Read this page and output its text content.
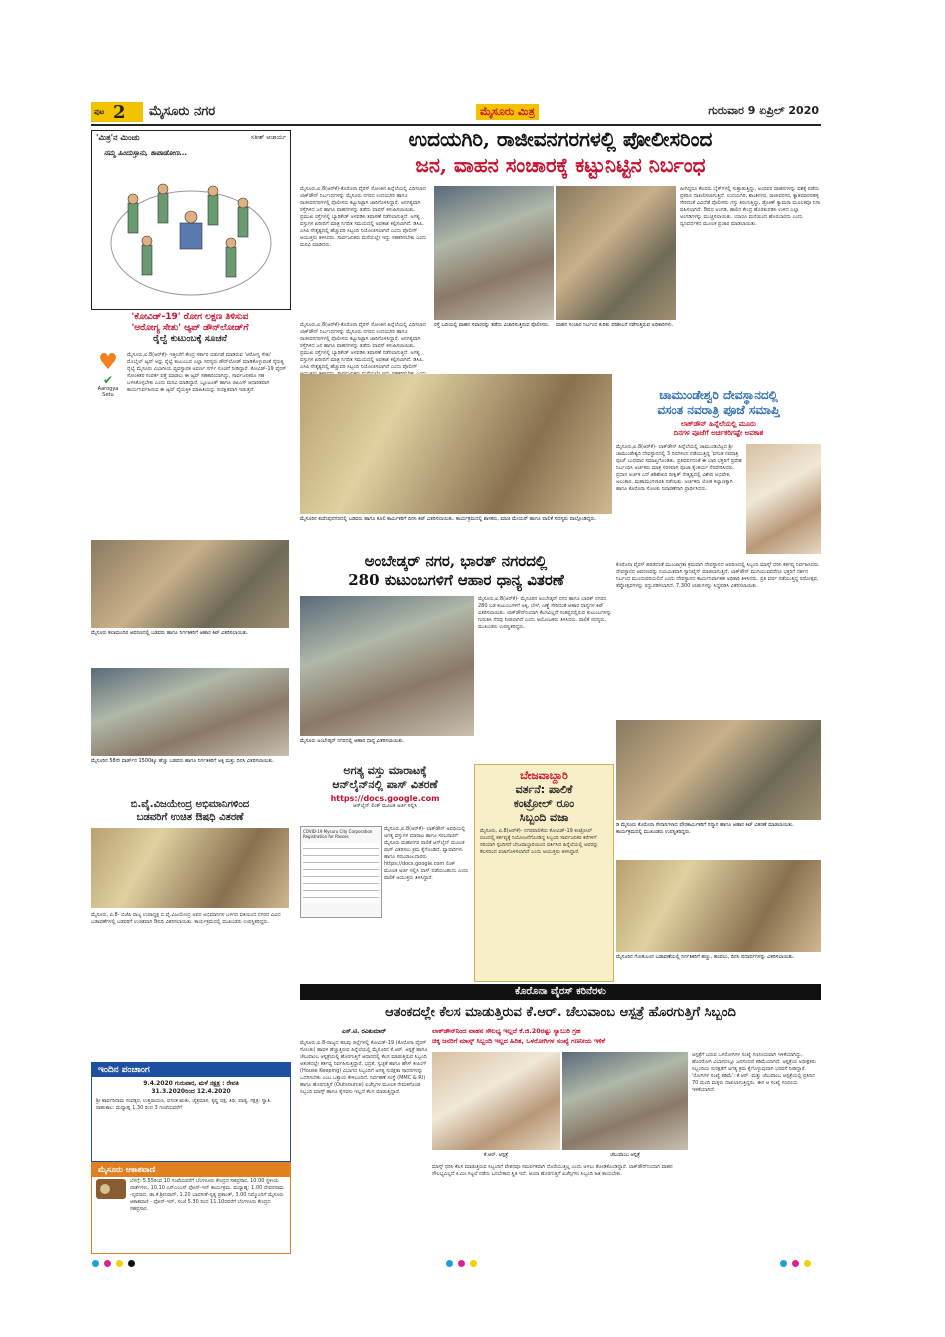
ಪುಟ 2 ಮೈಸೂರು ನಗರ	ಮೈಸೂರು ಮಿತ್ರ	ಗುರುವಾರ 9 ಏಪ್ರಿಲ್ 2020
'ಮಿತ್ರ'ನ ಮಿಂಚು	ಸತೀಶ್ ಆಚಾರ್ಯ
ನಮ್ಮ ಹಿಂದುಸ್ತಾನು, ಕಾಪಾಡೋಣ...
'ಕೋವಿಡ್-19' ರೋಗ ಲಕ್ಷಣ ತಿಳಿಸುವ
'ಆರೋಗ್ಯ ಸೇತು' ಆ್ಯಪ್ ಡೌನ್‌ಲೋಡ್‌ಗೆ
ರೈಲ್ವೆ ಕುಟುಂಬಕ್ಕೆ ಸೂಚನೆ
♥
✔
Aarogya Setu
ಮೈಸೂರು,ಏ.8(ಆರ್‌ಕೆ)- ಇತ್ತೀಚೆಗೆ ಕೇಂದ್ರ ಸರ್ಕಾರ ಬಿಡುಗಡೆ ಮಾಡಿರುವ 'ಆರೋಗ್ಯ ಸೇತು' ಮೊಬೈಲ್ ಆ್ಯಪ್ ಅನ್ನು ರೈಲ್ವೆ ಕುಟುಂಬದ ಎಲ್ಲಾ ಸದಸ್ಯರು ಡೌನ್‌ಲೋಡ್ ಮಾಡಿಕೊಳ್ಳುವಂತೆ ನೈರುತ್ಯ ರೈಲ್ವೆ ಮೈಸೂರು ವಿಭಾಗೀಯ ವ್ಯವಸ್ಥಾಪಕ ಅಪರ್ಣ ಗರ್ಗ್ ಸೂಚನೆ ನೀಡಿದ್ದಾರೆ. ಕೋವಿಡ್-19 ವೈರಸ್ ಸೋಂಕಿತರ ಸಂಪರ್ಕ ಪತ್ತೆ ಮಾಡಲು ಈ ಆ್ಯಪ್ ಸಹಕಾರಿಯಾಗಿದ್ದು, ಸಾರ್ವಜನಿಕರೂ ಸಹ ಬಳಸಿಕೊಳ್ಳಬೇಕು ಎಂದು ಮನವಿ ಮಾಡಿದ್ದಾರೆ. ಬ್ಲೂಟೂತ್ ಹಾಗೂ ಜಿಪಿಎಸ್ ಆಧಾರಿತವಾಗಿ ಕಾರ್ಯನಿರ್ವಹಿಸುವ ಈ ಆ್ಯಪ್ ವೈಯಕ್ತಿಕ ಮಾಹಿತಿಯನ್ನು ಸುರಕ್ಷಿತವಾಗಿ ಇಡುತ್ತದೆ.
ಮೈಸೂರು ಕಲಾಮಂದಿರ ಆವರಣದಲ್ಲಿ ಬಡವರು ಹಾಗೂ ನಿರ್ಗತಿಕರಿಗೆ ಆಹಾರ ಕಿಟ್ ವಿತರಿಸಲಾಯಿತು.
ಮೈಸೂರಿನ 58ನೇ ವಾರ್ಡ್‌ನ 1500ಕ್ಕೂ ಹೆಚ್ಚು ಬಡವರು ಹಾಗೂ ನಿರ್ಗತಿಕರಿಗೆ ಅಕ್ಕಿ ಮತ್ತು ದಿನಸಿ ವಿತರಿಸಲಾಯಿತು.
ಬಿ.ವೈ.ವಿಜಯೇಂದ್ರ ಅಭಿಮಾನಿಗಳಿಂದ
ಬಡವರಿಗೆ ಉಚಿತ ಔಷಧಿ ವಿತರಣೆ
ಮೈಸೂರು, ಏ.8- ಬಿಜೆಪಿ ರಾಜ್ಯ ಉಪಾಧ್ಯಕ್ಷ ಬಿ.ವೈ.ವಿಜಯೇಂದ್ರ ಅವರ ಅಭಿಮಾನಿಗಳ ಬಳಗದ ವತಿಯಿಂದ ನಗರದ ವಿವಿಧ ಬಡಾವಣೆಗಳಲ್ಲಿ ಬಡವರಿಗೆ ಉಚಿತವಾಗಿ ಔಷಧಿ ವಿತರಿಸಲಾಯಿತು. ಕಾರ್ಯಕ್ರಮದಲ್ಲಿ ಮುಖಂಡರು ಉಪಸ್ಥಿತರಿದ್ದರು.
ಇಂದಿನ ಪಂಚಾಂಗ
9.4.2020 ಗುರುವಾರ, ಮಳೆ ನಕ್ಷತ್ರ : ರೇವತಿ
31.3.2020ರಿಂದ 12.4.2020
ಶ್ರೀ ಶಾರ್ವರಿನಾಮ ಸಂವತ್ಸರ, ಉತ್ತರಾಯಣ, ವಸಂತ ಋತು, ಚೈತ್ರಮಾಸ, ಕೃಷ್ಣ ಪಕ್ಷ, ತಿಥಿ: ಪಾಡ್ಯ, ನಕ್ಷತ್ರ: ಸ್ವಾತಿ. ರಾಹುಕಾಲ: ಮಧ್ಯಾಹ್ನ 1.30 ರಿಂದ 3 ಗಂಟೆಯವರೆಗೆ
ಮೈಸೂರು ಆಕಾಶವಾಣಿ
ಬೆಳಗ್ಗೆ: 5.55ರಿಂದ 10 ಗಂಟೆಯವರೆಗೆ ಬೆಂಗಳೂರು ಕೇಂದ್ರದ ಸಹಪ್ರಸಾರ, 10.00 ಸ್ಥಳೀಯ ವಾರ್ತೆಗಳು, 10.10 ಎಸ್‌ಎಂಎಸ್ ಫೋನ್-ಇನ್ ಕಾರ್ಯಕ್ರಮ. ಮಧ್ಯಾಹ್ನ: 1.00 ದೇವರನಾಮ -ನೃಪನಾದ, ಡಾ.ಕೆ.ಶ್ರೀನಿವಾಸ್, 1.20 ಭಾವಗೀತೆ-ನೃತ್ಯ ಪ್ರಶಾಂತ್, 3.00 ನಿಮ್ಮೊಂದಿಗೆ ಮೈಸೂರು ಆಕಾಶವಾಣಿ - ಫೋನ್-ಇನ್, ಸಂಜೆ 5.30 ರಿಂದ 11.10ರವರೆಗೆ ಬೆಂಗಳೂರು ಕೇಂದ್ರದ ಸಹಪ್ರಸಾರ.
ಉದಯಗಿರಿ, ರಾಜೀವನಗರಗಳಲ್ಲಿ ಪೋಲೀಸರಿಂದ
ಜನ, ವಾಹನ ಸಂಚಾರಕ್ಕೆ ಕಟ್ಟುನಿಟ್ಟಿನ ನಿರ್ಬಂಧ
ಮೈಸೂರು,ಏ.8(ಆರ್‌ಕೆ)-ಕೊರೊನಾ ವೈರಸ್ ಸೋಂಕಿನ ಹಿನ್ನೆಲೆಯಲ್ಲಿ ವಿಧಿಸಲಾದ ಲಾಕ್‌ಡೌನ್ ನಿರ್ಬಂಧಗಳನ್ನು ಮೈಸೂರು ನಗರದ ಉದಯಗಿರಿ ಹಾಗೂ ರಾಜೀವನಗರಗಳಲ್ಲಿ ಪೊಲೀಸರು ಕಟ್ಟುನಿಟ್ಟಾಗಿ ಜಾರಿಗೊಳಿಸಿದ್ದಾರೆ. ಅನಗತ್ಯವಾಗಿ ರಸ್ತೆಗಿಳಿದ ಜನ ಹಾಗೂ ವಾಹನಗಳನ್ನು ತಡೆದು ವಾಪಸ್ ಕಳುಹಿಸಲಾಯಿತು. ಪ್ರಮುಖ ರಸ್ತೆಗಳಲ್ಲಿ ಬ್ಯಾರಿಕೇಡ್ ಅಳವಡಿಸಿ ತಪಾಸಣೆ ನಡೆಸಲಾಗುತ್ತಿದೆ. ಅಗತ್ಯ ವಸ್ತುಗಳ ಖರೀದಿಗೆ ಮಾತ್ರ ನಿಗದಿತ ಸಮಯದಲ್ಲಿ ಅವಕಾಶ ಕಲ್ಪಿಸಲಾಗಿದೆ. ಡಿಸಿಪಿ, ಎಸಿಪಿ ನೇತೃತ್ವದಲ್ಲಿ ಹೆಚ್ಚುವರಿ ಸಿಬ್ಬಂದಿ ನಿಯೋಜಿಸಲಾಗಿದೆ ಎಂದು ಪೊಲೀಸ್ ಆಯುಕ್ತರು ತಿಳಿಸಿದರು. ಸಾರ್ವಜನಿಕರು ಮನೆಯಲ್ಲೇ ಇದ್ದು ಸಹಕರಿಸಬೇಕು ಎಂದು ಮನವಿ ಮಾಡಿದರು.
ಹೀಗಿದ್ದರೂ ಕೆಲವರು ಬೈಕ್‌ಗಳಲ್ಲಿ ಸುತ್ತಾಡುತ್ತಿದ್ದು, ಅಂಥವರ ವಾಹನಗಳನ್ನು ವಶಕ್ಕೆ ಪಡೆದು ಪ್ರಕರಣ ದಾಖಲಿಸಲಾಗುತ್ತಿದೆ. ಉದಯಗಿರಿ, ಶಾಂತಿನಗರ, ರಾಜೀವನಗರ, ಕ್ಯಾತಮಾರನಹಳ್ಳಿ ಸೇರಿದಂತೆ ವಿವಿಧೆಡೆ ಪೊಲೀಸರು ಗಸ್ತು ತಿರುಗುತ್ತಿದ್ದು, ಡ್ರೋಣ್ ಕ್ಯಾಮರಾ ಮೂಲಕವೂ ನಿಗಾ ವಹಿಸಲಾಗಿದೆ. ಔಷಧ ಅಂಗಡಿ, ಹಾಲಿನ ಕೇಂದ್ರ ಹೊರತುಪಡಿಸಿ ಉಳಿದ ಎಲ್ಲಾ ಅಂಗಡಿಗಳನ್ನು ಮುಚ್ಚಿಸಲಾಯಿತು. ಯಾರೂ ಮನೆಯಿಂದ ಹೊರಬಾರದು ಎಂದು ಧ್ವನಿವರ್ಧಕದ ಮೂಲಕ ಪ್ರಚಾರ ಮಾಡಲಾಯಿತು.
ಮೈಸೂರು,ಏ.8(ಆರ್‌ಕೆ)-ಕೊರೊನಾ ವೈರಸ್ ಸೋಂಕಿನ ಹಿನ್ನೆಲೆಯಲ್ಲಿ ವಿಧಿಸಲಾದ ಲಾಕ್‌ಡೌನ್ ನಿರ್ಬಂಧಗಳನ್ನು ಮೈಸೂರು ನಗರದ ಉದಯಗಿರಿ ಹಾಗೂ ರಾಜೀವನಗರಗಳಲ್ಲಿ ಪೊಲೀಸರು ಕಟ್ಟುನಿಟ್ಟಾಗಿ ಜಾರಿಗೊಳಿಸಿದ್ದಾರೆ. ಅನಗತ್ಯವಾಗಿ ರಸ್ತೆಗಿಳಿದ ಜನ ಹಾಗೂ ವಾಹನಗಳನ್ನು ತಡೆದು ವಾಪಸ್ ಕಳುಹಿಸಲಾಯಿತು. ಪ್ರಮುಖ ರಸ್ತೆಗಳಲ್ಲಿ ಬ್ಯಾರಿಕೇಡ್ ಅಳವಡಿಸಿ ತಪಾಸಣೆ ನಡೆಸಲಾಗುತ್ತಿದೆ. ಅಗತ್ಯ ವಸ್ತುಗಳ ಖರೀದಿಗೆ ಮಾತ್ರ ನಿಗದಿತ ಸಮಯದಲ್ಲಿ ಅವಕಾಶ ಕಲ್ಪಿಸಲಾಗಿದೆ. ಡಿಸಿಪಿ, ಎಸಿಪಿ ನೇತೃತ್ವದಲ್ಲಿ ಹೆಚ್ಚುವರಿ ಸಿಬ್ಬಂದಿ ನಿಯೋಜಿಸಲಾಗಿದೆ ಎಂದು ಪೊಲೀಸ್
ರಸ್ತೆ ಬದಿಯಲ್ಲಿ ವಾಹನ ಸವಾರರನ್ನು ತಡೆದು ವಿಚಾರಿಸುತ್ತಿರುವ ಪೊಲೀಸರು.	ವಾಹನ ಸಂಚಾರ ನಿರ್ಬಂಧ ಕುರಿತು ಪರಿಶೀಲನೆ ನಡೆಸುತ್ತಿರುವ ಅಧಿಕಾರಿಗಳು.
ಮೈಸೂರಿನ ಕುವೆಂಪುನಗರದಲ್ಲಿ ಬಡವರು ಹಾಗೂ ಕೂಲಿ ಕಾರ್ಮಿಕರಿಗೆ ದಿನಸಿ ಕಿಟ್ ವಿತರಿಸಲಾಯಿತು. ಕಾರ್ಯಕ್ರಮದಲ್ಲಿ ಶಾಸಕರು, ಮಾಜಿ ಮೇಯರ್ ಹಾಗೂ ಪಾಲಿಕೆ ಸದಸ್ಯರು ಪಾಲ್ಗೊಂಡಿದ್ದರು.
ಚಾಮುಂಡೇಶ್ವರಿ ದೇವಸ್ಥಾನದಲ್ಲಿ
ವಸಂತ ನವರಾತ್ರಿ ಪೂಜೆ ಸಮಾಪ್ತಿ
ಲಾಕ್‌ಡೌನ್ ಹಿನ್ನೆಲೆಯಲ್ಲಿ ಮೂರು
ದಿನಗಳ ಪೂಜೆಗೆ ಅರ್ಚಕರಿಗಷ್ಟೇ ಅವಕಾಶ
ಮೈಸೂರು,ಏ.8(ಆರ್‌ಕೆ)- ಲಾಕ್‌ಡೌನ್ ಹಿನ್ನೆಲೆಯಲ್ಲಿ ಚಾಮುಂಡಿಬೆಟ್ಟದ ಶ್ರೀ ಚಾಮುಂಡೇಶ್ವರಿ ದೇವಸ್ಥಾನದಲ್ಲಿ 3 ದಿನಗಳಿಂದ ನಡೆಯುತ್ತಿದ್ದ 'ವಸಂತ ನವರಾತ್ರಿ ಪೂಜೆ' ಬುಧವಾರ ಸಮಾಪ್ತಿಗೊಂಡಿತು. ಪ್ರತಿವರ್ಷದಂತೆ ಈ ಬಾರಿ ಭಕ್ತರಿಗೆ ಪ್ರವೇಶ ನಿರ್ಬಂಧಿಸಿ ಅರ್ಚಕರು ಮಾತ್ರ ಸರಳವಾಗಿ ಪೂಜಾ ಕೈಂಕರ್ಯ ನೆರವೇರಿಸಿದರು. ಪ್ರಧಾನ ಅರ್ಚಕ ಎನ್.ಶಶಿಶೇಖರ ದೀಕ್ಷಿತ್ ನೇತೃತ್ವದಲ್ಲಿ ವಿಶೇಷ ಅಭಿಷೇಕ, ಅಲಂಕಾರ, ಮಹಾಮಂಗಳಾರತಿ ನಡೆಯಿತು. ಅರ್ಚಕರು ಲೋಕ ಕಲ್ಯಾಣಕ್ಕಾಗಿ ಹಾಗೂ ಕೊರೊನಾ ಸೋಂಕು ನಿವಾರಣೆಗಾಗಿ ಪ್ರಾರ್ಥಿಸಿದರು.
ಕೊರೊನಾ ವೈರಸ್ ಹರಡದಂತೆ ಮುಂಜಾಗ್ರತಾ ಕ್ರಮವಾಗಿ ದೇವಸ್ಥಾನದ ಆವರಣದಲ್ಲಿ ಸಿಬ್ಬಂದಿ ಮಾಸ್ಕ್ ಧರಿಸಿ ಕರ್ತವ್ಯ ನಿರ್ವಹಿಸಿದರು. ದೇವಸ್ಥಾನದ ಆವರಣವನ್ನು ನಿಯಮಿತವಾಗಿ ಸ್ಯಾನಿಟೈಸ್ ಮಾಡಲಾಗುತ್ತಿದೆ. ಲಾಕ್‌ಡೌನ್ ಮುಗಿಯುವವರೆಗೂ ಭಕ್ತರಿಗೆ ದರ್ಶನ ನಿರ್ಬಂಧ ಮುಂದುವರಿಯಲಿದೆ ಎಂದು ದೇವಸ್ಥಾನದ ಕಾರ್ಯನಿರ್ವಾಹಕ ಅಧಿಕಾರಿ ತಿಳಿಸಿದರು. ಪ್ರತಿ ವರ್ಷ ನಡೆಯುತ್ತಿದ್ದ ರಥೋತ್ಸವ, ತೆಪ್ಪೋತ್ಸವಗಳನ್ನು ರದ್ದುಪಡಿಸಲಾಗಿದೆ. 7,300 ಲಾಡುಗಳನ್ನು ಸಿದ್ಧಪಡಿಸಿ ವಿತರಿಸಲಾಯಿತು.
ಅಂಬೇಡ್ಕರ್ ನಗರ, ಭಾರತ್ ನಗರದಲ್ಲಿ
280 ಕುಟುಂಬಗಳಿಗೆ ಆಹಾರ ಧಾನ್ಯ ವಿತರಣೆ
ಮೈಸೂರು,ಏ.8(ಆರ್‌ಕೆ)- ಮೈಸೂರಿನ ಅಂಬೇಡ್ಕರ್ ನಗರ ಹಾಗೂ ಭಾರತ್ ನಗರದ 280 ಬಡ ಕುಟುಂಬಗಳಿಗೆ ಅಕ್ಕಿ, ಬೇಳೆ, ಎಣ್ಣೆ ಸೇರಿದಂತೆ ಆಹಾರ ಧಾನ್ಯಗಳ ಕಿಟ್ ವಿತರಿಸಲಾಯಿತು. ಲಾಕ್‌ಡೌನ್‌ನಿಂದಾಗಿ ಕೆಲಸವಿಲ್ಲದೆ ಸಂಕಷ್ಟದಲ್ಲಿರುವ ಕುಟುಂಬಗಳನ್ನು ಗುರುತಿಸಿ ನೆರವು ನೀಡಲಾಗಿದೆ ಎಂದು ಆಯೋಜಕರು ತಿಳಿಸಿದರು. ಪಾಲಿಕೆ ಸದಸ್ಯರು, ಮುಖಂಡರು ಉಪಸ್ಥಿತರಿದ್ದರು.
ಮೈಸೂರು ಅಂಬೇಡ್ಕರ್ ನಗರದಲ್ಲಿ ಆಹಾರ ಧಾನ್ಯ ವಿತರಿಸಲಾಯಿತು.
ಅಗತ್ಯ ವಸ್ತು ಮಾರಾಟಕ್ಕೆ
ಆನ್‌ಲೈನ್‌ನಲ್ಲಿ ಪಾಸ್ ವಿತರಣೆ
https://docs.google.com
ಆನ್‌ಲೈನ್ ಲಿಂಕ್ ಮೂಲಕ ಅರ್ಜಿ ಸಲ್ಲಿಸಿ
COVID-19 Mysuru City Corporation Registration for Passes
ಮೈಸೂರು,ಏ.8(ಆರ್‌ಕೆ)- ಲಾಕ್‌ಡೌನ್ ಅವಧಿಯಲ್ಲಿ ಅಗತ್ಯ ವಸ್ತುಗಳ ಮಾರಾಟ ಹಾಗೂ ಸರಬರಾಜಿಗೆ ಮೈಸೂರು ಮಹಾನಗರ ಪಾಲಿಕೆ ಆನ್‌ಲೈನ್ ಮೂಲಕ ಪಾಸ್ ವಿತರಿಸಲು ಕ್ರಮ ಕೈಗೊಂಡಿದೆ. ವ್ಯಾಪಾರಿಗಳು ಹಾಗೂ ಸರಬರಾಜುದಾರರು https://docs.google.com ಲಿಂಕ್ ಮೂಲಕ ಅರ್ಜಿ ಸಲ್ಲಿಸಿ ಪಾಸ್ ಪಡೆಯಬಹುದು ಎಂದು ಪಾಲಿಕೆ ಆಯುಕ್ತರು ತಿಳಿಸಿದ್ದಾರೆ.
ಬೇಜವಾಬ್ದಾರಿ
ವರ್ತನೆ: ಪಾಲಿಕೆ
ಕಂಟ್ರೋಲ್ ರೂಂ
ಸಿಬ್ಬಂದಿ ವಜಾ
ಮೈಸೂರು, ಏ.8(ಆರ್‌ಕೆ)- ನಗರಪಾಲಿಕೆಯ ಕೋವಿಡ್-19 ಕಂಟ್ರೋಲ್ ರೂಂನಲ್ಲಿ ಕರ್ತವ್ಯಕ್ಕೆ ನಿಯೋಜನೆಗೊಂಡಿದ್ದ ಸಿಬ್ಬಂದಿ ಸಾರ್ವಜನಿಕರ ಕರೆಗಳಿಗೆ ಸರಿಯಾಗಿ ಸ್ಪಂದಿಸದೆ ಬೇಜವಾಬ್ದಾರಿಯಿಂದ ವರ್ತಿಸಿದ ಹಿನ್ನೆಲೆಯಲ್ಲಿ ಅವರನ್ನು ಕೆಲಸದಿಂದ ವಜಾಗೊಳಿಸಲಾಗಿದೆ ಎಂದು ಆಯುಕ್ತರು ತಿಳಿಸಿದ್ದಾರೆ.
ಡಿ ಮೈಸೂರು ಕೊರೊನಾ ಸೇನಾನಿಗಳಾದ ಪೌರಕಾರ್ಮಿಕರಿಗೆ ಸನ್ಮಾನ ಹಾಗೂ ಆಹಾರ ಕಿಟ್ ವಿತರಣೆ ಮಾಡಲಾಯಿತು. ಕಾರ್ಯಕ್ರಮದಲ್ಲಿ ಮುಖಂಡರು ಉಪಸ್ಥಿತರಿದ್ದರು.
ಮೈಸೂರಿನ ಗೋಕುಲಂನ ಬಡಾವಣೆಯಲ್ಲಿ ನಿರ್ಗತಿಕರಿಗೆ ಹಣ್ಣು, ಹಂಪಲು, ದಿನಸಿ ಪದಾರ್ಥಗಳನ್ನು ವಿತರಿಸಲಾಯಿತು.
ಕೊರೊನಾ ವೈರಸ್ ಕರಿನೆರಳು
ಆತಂಕದಲ್ಲೇ ಕೆಲಸ ಮಾಡುತ್ತಿರುವ ಕೆ.ಆರ್. ಚೆಲುವಾಂಬ ಆಸ್ಪತ್ರೆ ಹೊರಗುತ್ತಿಗೆ ಸಿಬ್ಬಂದಿ
ಎಸ್.ಟಿ. ರವಿಕುಮಾರ್	ಲಾಕ್‌ಡೌನ್‌ನಿಂದ ವಾಹನ ಸೌಲಭ್ಯ ಇಲ್ಲದೆ ಕೆ.ಜಿ.20ರಷ್ಟು ಸ್ಯಾಬುರಿ ಗ್ರಹ
ಚಿಕ್ಕ ಜನರಿಗೆ ಮಾಸ್ಕ್ ಸಿಬ್ಬಂದಿ ಇಲ್ಲದ ಹಿರಿತ, ಒಳರೋಗಿಗಳ ಸಂಖ್ಯೆ ಗಣನೀಯ ಇಳಿಕೆ
ಮೈಸೂರು,ಏ.8-ರಾಜ್ಯದ ಹಲವು ಜಿಲ್ಲೆಗಳಲ್ಲಿ ಕೋವಿಡ್-19 (ಕೊರೊನಾ ವೈರಸ್ ಸೋಂಕು) ಹಾವಳಿ ಹೆಚ್ಚುತ್ತಿರುವ ಹಿನ್ನೆಲೆಯಲ್ಲಿ ಮೈಸೂರಿನ ಕೆ.ಆರ್. ಆಸ್ಪತ್ರೆ ಹಾಗೂ ಚೆಲುವಾಂಬ ಆಸ್ಪತ್ರೆಯಲ್ಲಿ ಹೊರಗುತ್ತಿಗೆ ಆಧಾರದಲ್ಲಿ ಕೆಲಸ ಮಾಡುತ್ತಿರುವ ಸಿಬ್ಬಂದಿ ಆತಂಕದಲ್ಲೇ ಕರ್ತವ್ಯ ನಿರ್ವಹಿಸುತ್ತಿದ್ದಾರೆ. ಭದ್ರತೆ, ಸ್ವಚ್ಛತೆ ಹಾಗೂ ಹೌಸ್ ಕೀಪಿಂಗ್ (House Keeping) ವಿಭಾಗದ ಸಿಬ್ಬಂದಿಗೆ ಅಗತ್ಯ ಸುರಕ್ಷತಾ ಸಾಧನಗಳನ್ನು ಒದಗಿಸಬೇಕು ಎಂಬ ಒತ್ತಾಯ ಕೇಳಿಬಂದಿದೆ. ನಿರ್ವಹಣೆ ಸಂಸ್ಥೆ (MMC & RI) ಹಾಗೂ ಹೊರಗುತ್ತಿಗೆ (Outsource) ಏಜೆನ್ಸಿಗಳ ಮೂಲಕ ನೇಮಕಗೊಂಡ ಸಿಬ್ಬಂದಿ ಮಾಸ್ಕ್ ಹಾಗೂ ಕೈಗವಸು ಇಲ್ಲದೆ ಕೆಲಸ ಮಾಡುತ್ತಿದ್ದಾರೆ.
ಕೆ.ಆರ್. ಆಸ್ಪತ್ರೆ	ಚೆಲುವಾಂಬ ಆಸ್ಪತ್ರೆ
ಮಾಸ್ಕ್ ಧರಿಸಿ ಕೆಲಸ ಮಾಡುತ್ತಿರುವ ಸಿಬ್ಬಂದಿಗೆ ವೇತನವೂ ಸಮರ್ಪಕವಾಗಿ ದೊರೆಯುತ್ತಿಲ್ಲ ಎಂದು ಅಳಲು ತೋಡಿಕೊಂಡಿದ್ದಾರೆ. ಲಾಕ್‌ಡೌನ್‌ನಿಂದಾಗಿ ವಾಹನ ಸೌಲಭ್ಯವಿಲ್ಲದೆ ಕಿ.ಮೀ.ಗಟ್ಟಲೆ ನಡೆದು ಬರಬೇಕಾದ ಸ್ಥಿತಿ ಇದೆ. ಆಯಾ ಹೊರಗುತ್ತಿಗೆ ಏಜೆನ್ಸಿಗಳು ಸಿಬ್ಬಂದಿ ಹಿತ ಕಾಯಬೇಕು.
ಆಸ್ಪತ್ರೆಗೆ ಬರುವ ಒಳರೋಗಿಗಳ ಸಂಖ್ಯೆ ಗಣನೀಯವಾಗಿ ಇಳಿಕೆಯಾಗಿದ್ದು, ಹೊರರೋಗಿ ವಿಭಾಗದಲ್ಲೂ ಜನಸಂದಣಿ ಕಡಿಮೆಯಾಗಿದೆ. ಆಸ್ಪತ್ರೆಯ ಅಧೀಕ್ಷಕರು ಸಿಬ್ಬಂದಿಯ ಸುರಕ್ಷತೆಗೆ ಅಗತ್ಯ ಕ್ರಮ ಕೈಗೊಳ್ಳುವುದಾಗಿ ಭರವಸೆ ನೀಡಿದ್ದಾರೆ. 'ರೋಗಿಗಳ ಸಂಖ್ಯೆ ಕಡಿಮೆ': ಕೆ.ಆರ್. ಮತ್ತು ಚೆಲುವಾಂಬ ಆಸ್ಪತ್ರೆಯಲ್ಲಿ ಪ್ರತಿದಿನ 70 ಮಂದಿ ಮಕ್ಕಳು ದಾಖಲಾಗುತ್ತಿದ್ದರು. ಈಗ ಆ ಸಂಖ್ಯೆ ಗಣನೀಯ ಇಳಿಕೆಯಾಗಿದೆ.
